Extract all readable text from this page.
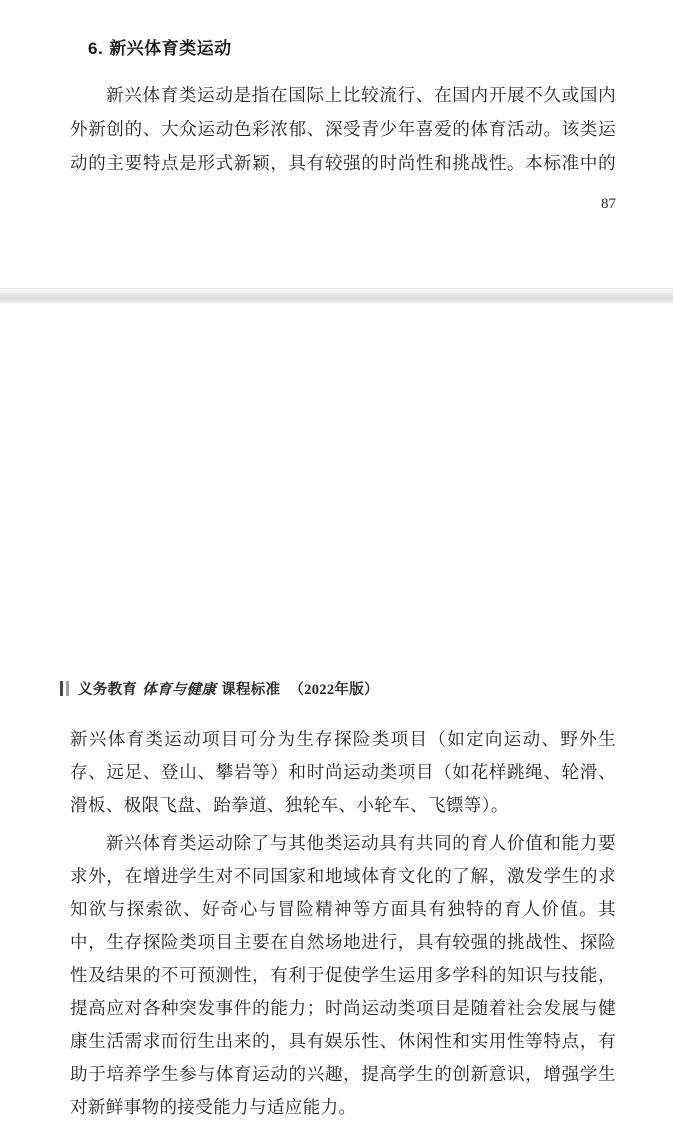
6. 新兴体育类运动
新兴体育类运动是指在国际上比较流行、在国内开展不久或国内
外新创的、大众运动色彩浓郁、深受青少年喜爱的体育活动。该类运
动的主要特点是形式新颖，具有较强的时尚性和挑战性。本标准中的
87
义务教育 体育与健康 课程标准 （2022年版）
新兴体育类运动项目可分为生存探险类项目（如定向运动、野外生
存、远足、登山、攀岩等）和时尚运动类项目（如花样跳绳、轮滑、
滑板、极限飞盘、跆拳道、独轮车、小轮车、飞镖等）。
新兴体育类运动除了与其他类运动具有共同的育人价值和能力要
求外，在增进学生对不同国家和地域体育文化的了解，激发学生的求
知欲与探索欲、好奇心与冒险精神等方面具有独特的育人价值。其
中，生存探险类项目主要在自然场地进行，具有较强的挑战性、探险
性及结果的不可预测性，有利于促使学生运用多学科的知识与技能，
提高应对各种突发事件的能力；时尚运动类项目是随着社会发展与健
康生活需求而衍生出来的，具有娱乐性、休闲性和实用性等特点，有
助于培养学生参与体育运动的兴趣，提高学生的创新意识，增强学生
对新鲜事物的接受能力与适应能力。
